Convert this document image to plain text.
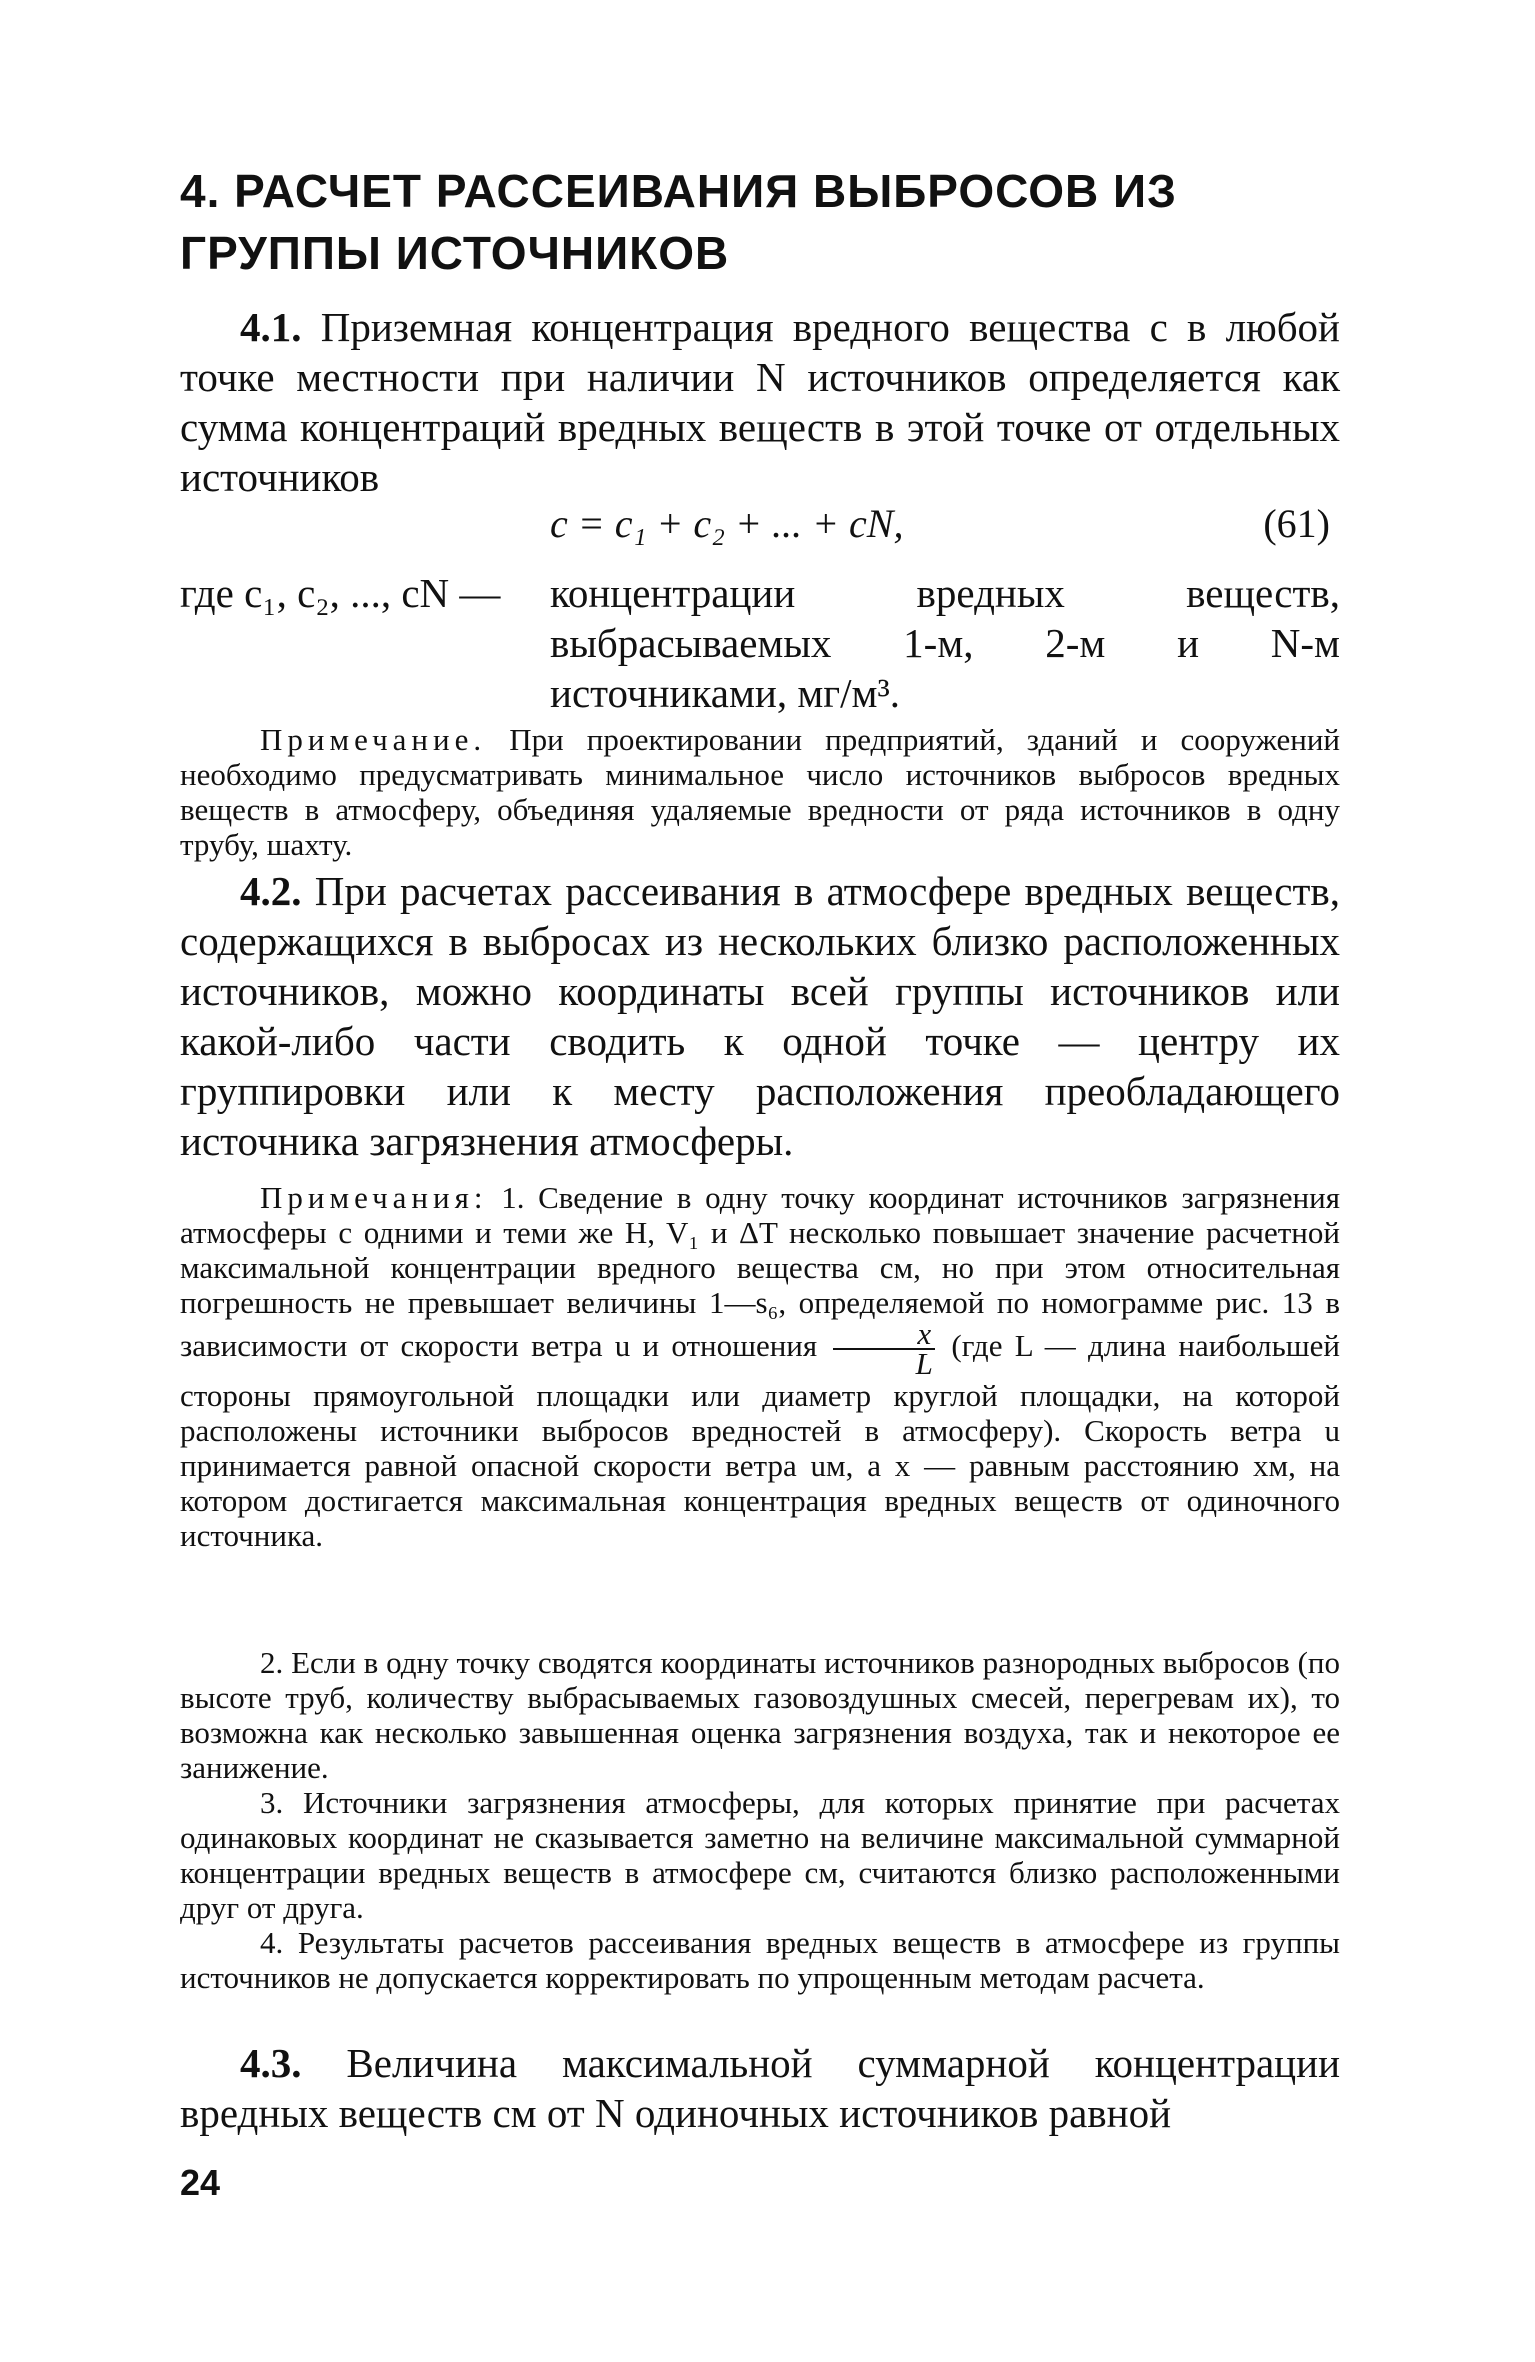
4. РАСЧЕТ РАССЕИВАНИЯ ВЫБРОСОВ ИЗ
ГРУППЫ ИСТОЧНИКОВ
4.1. Приземная концентрация вредного вещества c в любой точке местности при наличии N источников определяется как сумма концентраций вредных веществ в этой точке от отдельных источников
c = c₁ + c₂ + ... + cN,	(61)
где c₁, c₂, ..., cN — концентрации вредных веществ, выбрасываемых 1-м, 2-м и N-м источниками, мг/м³.
Примечание. При проектировании предприятий, зданий и сооружений необходимо предусматривать минимальное число источников выбросов вредных веществ в атмосферу, объединяя удаляемые вредности от ряда источников в одну трубу, шахту.
4.2. При расчетах рассеивания в атмосфере вредных веществ, содержащихся в выбросах из нескольких близко расположенных источников, можно координаты всей группы источников или какой-либо части сводить к одной точке — центру их группировки или к месту расположения преобладающего источника загрязнения атмосферы.
Примечания: 1. Сведение в одну точку координат источников загрязнения атмосферы с одними и теми же H, V₁ и ΔT несколько повышает значение расчетной максимальной концентрации вредного вещества cм, но при этом относительная погрешность не превышает величины 1—s₆, определяемой по номограмме рис. 13 в зависимости от скорости ветра u и отношения $\frac{x}{L} (где$ L — длина наибольшей стороны прямоугольной площадки или диаметр круглой площадки, на которой расположены источники выбросов вредностей в атмосферу). Скорость ветра u принимается равной опасной скорости ветра uм, а x — равным расстоянию xм, на котором достигается максимальная концентрация вредных веществ от одиночного источника.
2. Если в одну точку сводятся координаты источников разнородных выбросов (по высоте труб, количеству выбрасываемых газовоздушных смесей, перегревам их), то возможна как несколько завышенная оценка загрязнения воздуха, так и некоторое ее занижение.
3. Источники загрязнения атмосферы, для которых принятие при расчетах одинаковых координат не сказывается заметно на величине максимальной суммарной концентрации вредных веществ в атмосфере cм, считаются близко расположенными друг от друга.
4. Результаты расчетов рассеивания вредных веществ в атмосфере из группы источников не допускается корректировать по упрощенным методам расчета.
4.3. Величина максимальной суммарной концентрации вредных веществ cм от N одиночных источников равной
24
